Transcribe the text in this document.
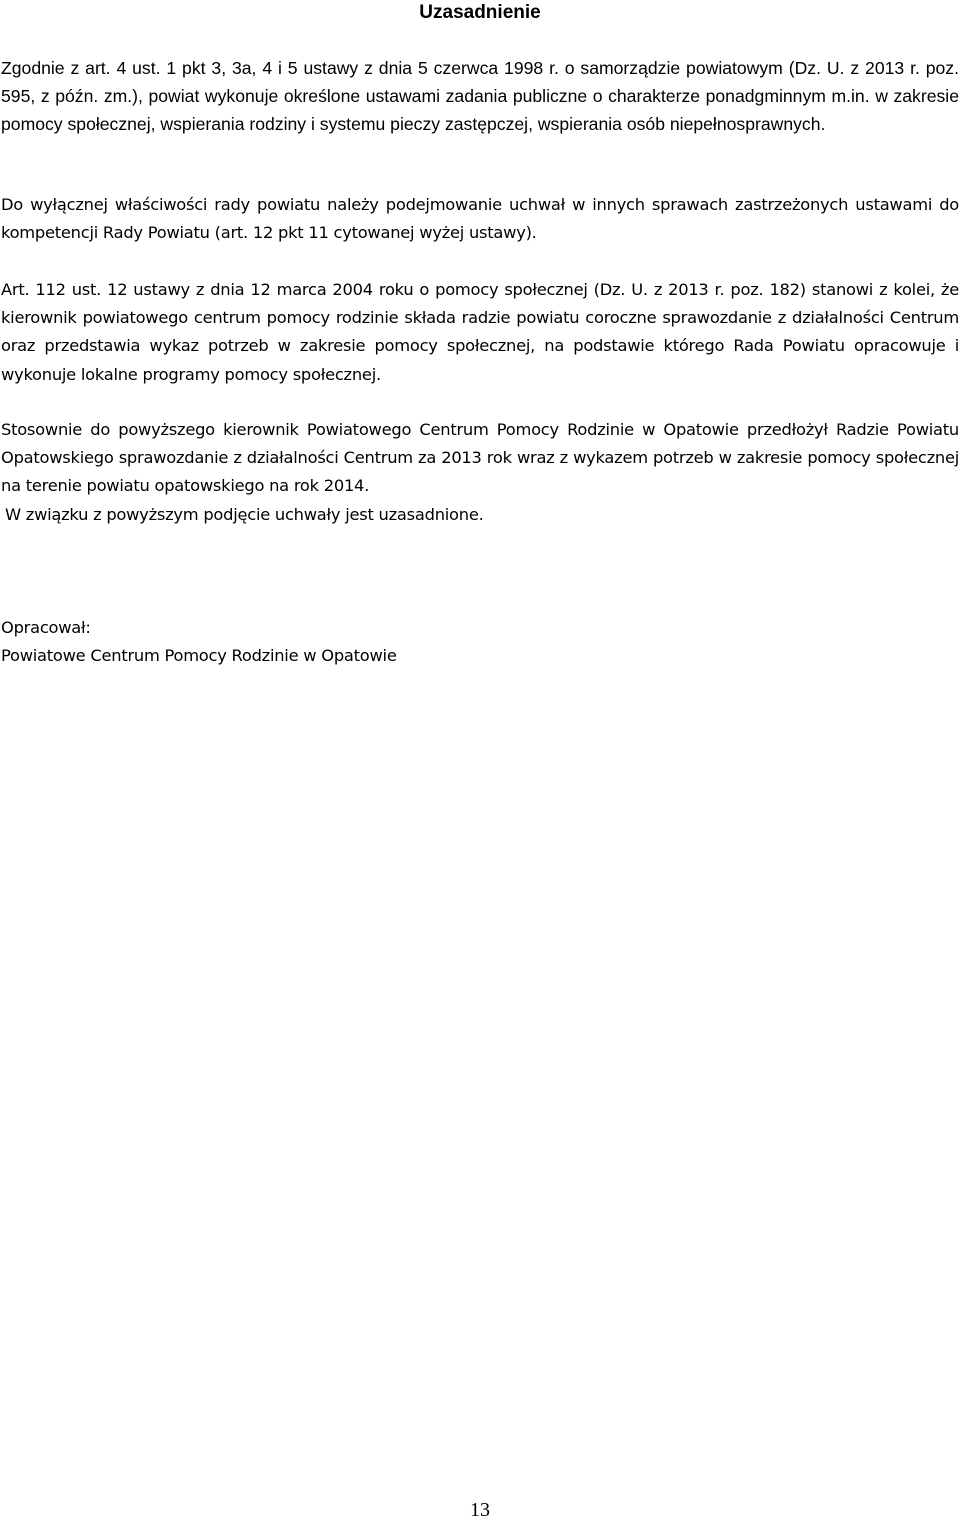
Uzasadnienie

Zgodnie z art. 4 ust. 1 pkt 3, 3a, 4 i 5 ustawy z dnia 5 czerwca 1998 r. o samorządzie powiatowym (Dz. U. z 2013 r. poz. 595, z późn. zm.), powiat wykonuje określone ustawami zadania publiczne o charakterze ponadgminnym m.in. w zakresie pomocy społecznej, wspierania rodziny i systemu pieczy zastępczej, wspierania osób niepełnosprawnych.

Do wyłącznej właściwości rady powiatu należy podejmowanie uchwał w innych sprawach zastrzeżonych ustawami do kompetencji Rady Powiatu (art. 12 pkt 11 cytowanej wyżej ustawy).

Art. 112 ust. 12 ustawy z dnia 12 marca 2004 roku o pomocy społecznej (Dz. U. z 2013 r. poz. 182) stanowi z kolei, że kierownik powiatowego centrum pomocy rodzinie składa radzie powiatu coroczne sprawozdanie z działalności Centrum oraz przedstawia wykaz potrzeb w zakresie pomocy społecznej, na podstawie którego Rada Powiatu opracowuje i wykonuje lokalne programy pomocy społecznej.

Stosownie do powyższego kierownik Powiatowego Centrum Pomocy Rodzinie w Opatowie przedłożył Radzie Powiatu Opatowskiego sprawozdanie z działalności Centrum za 2013 rok wraz z wykazem potrzeb w zakresie pomocy społecznej na terenie powiatu opatowskiego na rok 2014.

W związku z powyższym podjęcie uchwały jest uzasadnione.

Opracował:

Powiatowe Centrum Pomocy Rodzinie w Opatowie

13
